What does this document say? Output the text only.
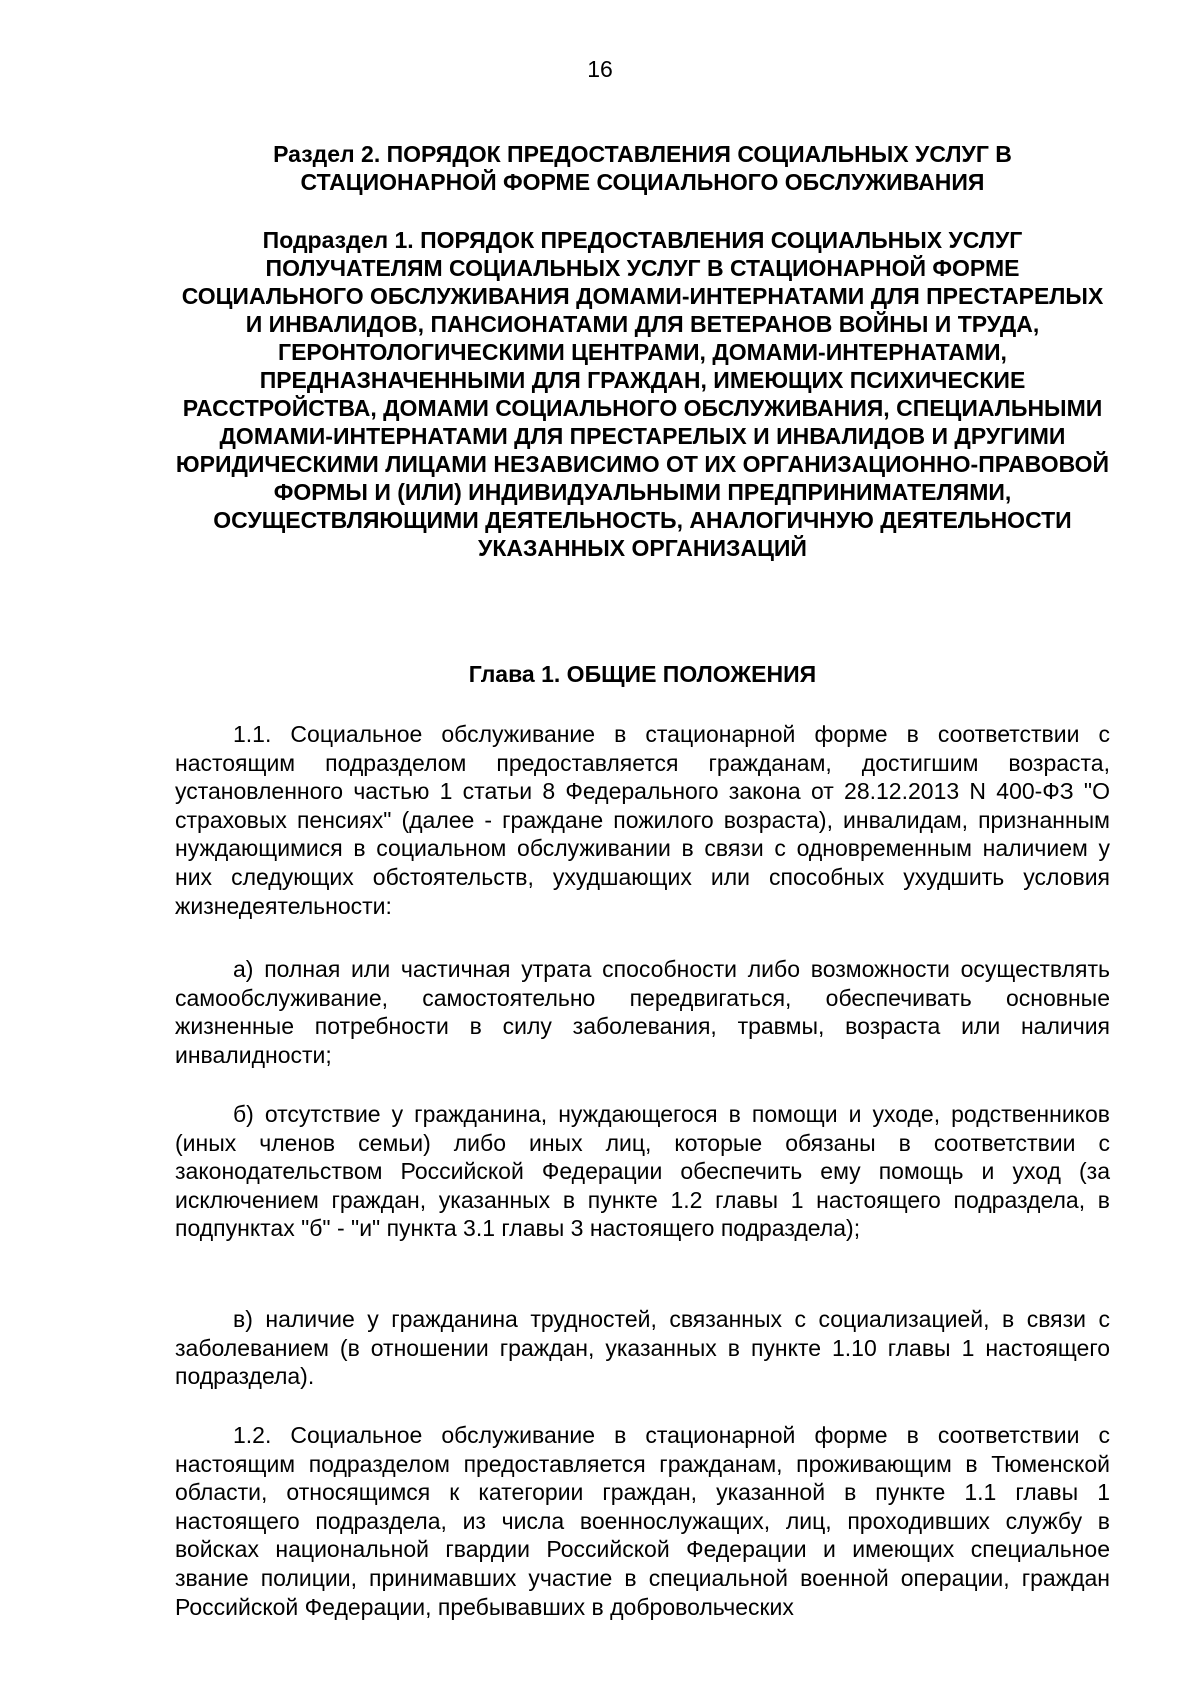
16
Раздел 2. ПОРЯДОК ПРЕДОСТАВЛЕНИЯ СОЦИАЛЬНЫХ УСЛУГ В СТАЦИОНАРНОЙ ФОРМЕ СОЦИАЛЬНОГО ОБСЛУЖИВАНИЯ
Подраздел 1. ПОРЯДОК ПРЕДОСТАВЛЕНИЯ СОЦИАЛЬНЫХ УСЛУГ ПОЛУЧАТЕЛЯМ СОЦИАЛЬНЫХ УСЛУГ В СТАЦИОНАРНОЙ ФОРМЕ СОЦИАЛЬНОГО ОБСЛУЖИВАНИЯ ДОМАМИ-ИНТЕРНАТАМИ ДЛЯ ПРЕСТАРЕЛЫХ И ИНВАЛИДОВ, ПАНСИОНАТАМИ ДЛЯ ВЕТЕРАНОВ ВОЙНЫ И ТРУДА, ГЕРОНТОЛОГИЧЕСКИМИ ЦЕНТРАМИ, ДОМАМИ-ИНТЕРНАТАМИ, ПРЕДНАЗНАЧЕННЫМИ ДЛЯ ГРАЖДАН, ИМЕЮЩИХ ПСИХИЧЕСКИЕ РАССТРОЙСТВА, ДОМАМИ СОЦИАЛЬНОГО ОБСЛУЖИВАНИЯ, СПЕЦИАЛЬНЫМИ ДОМАМИ-ИНТЕРНАТАМИ ДЛЯ ПРЕСТАРЕЛЫХ И ИНВАЛИДОВ И ДРУГИМИ ЮРИДИЧЕСКИМИ ЛИЦАМИ НЕЗАВИСИМО ОТ ИХ ОРГАНИЗАЦИОННО-ПРАВОВОЙ ФОРМЫ И (ИЛИ) ИНДИВИДУАЛЬНЫМИ ПРЕДПРИНИМАТЕЛЯМИ, ОСУЩЕСТВЛЯЮЩИМИ ДЕЯТЕЛЬНОСТЬ, АНАЛОГИЧНУЮ ДЕЯТЕЛЬНОСТИ УКАЗАННЫХ ОРГАНИЗАЦИЙ
Глава 1. ОБЩИЕ ПОЛОЖЕНИЯ

1.1. Социальное обслуживание в стационарной форме в соответствии с настоящим подразделом предоставляется гражданам, достигшим возраста, установленного частью 1 статьи 8 Федерального закона от 28.12.2013 N 400-ФЗ "О страховых пенсиях" (далее - граждане пожилого возраста), инвалидам, признанным нуждающимися в социальном обслуживании в связи с одновременным наличием у них следующих обстоятельств, ухудшающих или способных ухудшить условия жизнедеятельности:

а) полная или частичная утрата способности либо возможности осуществлять самообслуживание, самостоятельно передвигаться, обеспечивать основные жизненные потребности в силу заболевания, травмы, возраста или наличия инвалидности;

б) отсутствие у гражданина, нуждающегося в помощи и уходе, родственников (иных членов семьи) либо иных лиц, которые обязаны в соответствии с законодательством Российской Федерации обеспечить ему помощь и уход (за исключением граждан, указанных в пункте 1.2 главы 1 настоящего подраздела, в подпунктах "б" - "и" пункта 3.1 главы 3 настоящего подраздела);

в) наличие у гражданина трудностей, связанных с социализацией, в связи с заболеванием (в отношении граждан, указанных в пункте 1.10 главы 1 настоящего подраздела).

1.2. Социальное обслуживание в стационарной форме в соответствии с настоящим подразделом предоставляется гражданам, проживающим в Тюменской области, относящимся к категории граждан, указанной в пункте 1.1 главы 1 настоящего подраздела, из числа военнослужащих, лиц, проходивших службу в войсках национальной гвардии Российской Федерации и имеющих специальное звание полиции, принимавших участие в специальной военной операции, граждан Российской Федерации, пребывавших в добровольческих
